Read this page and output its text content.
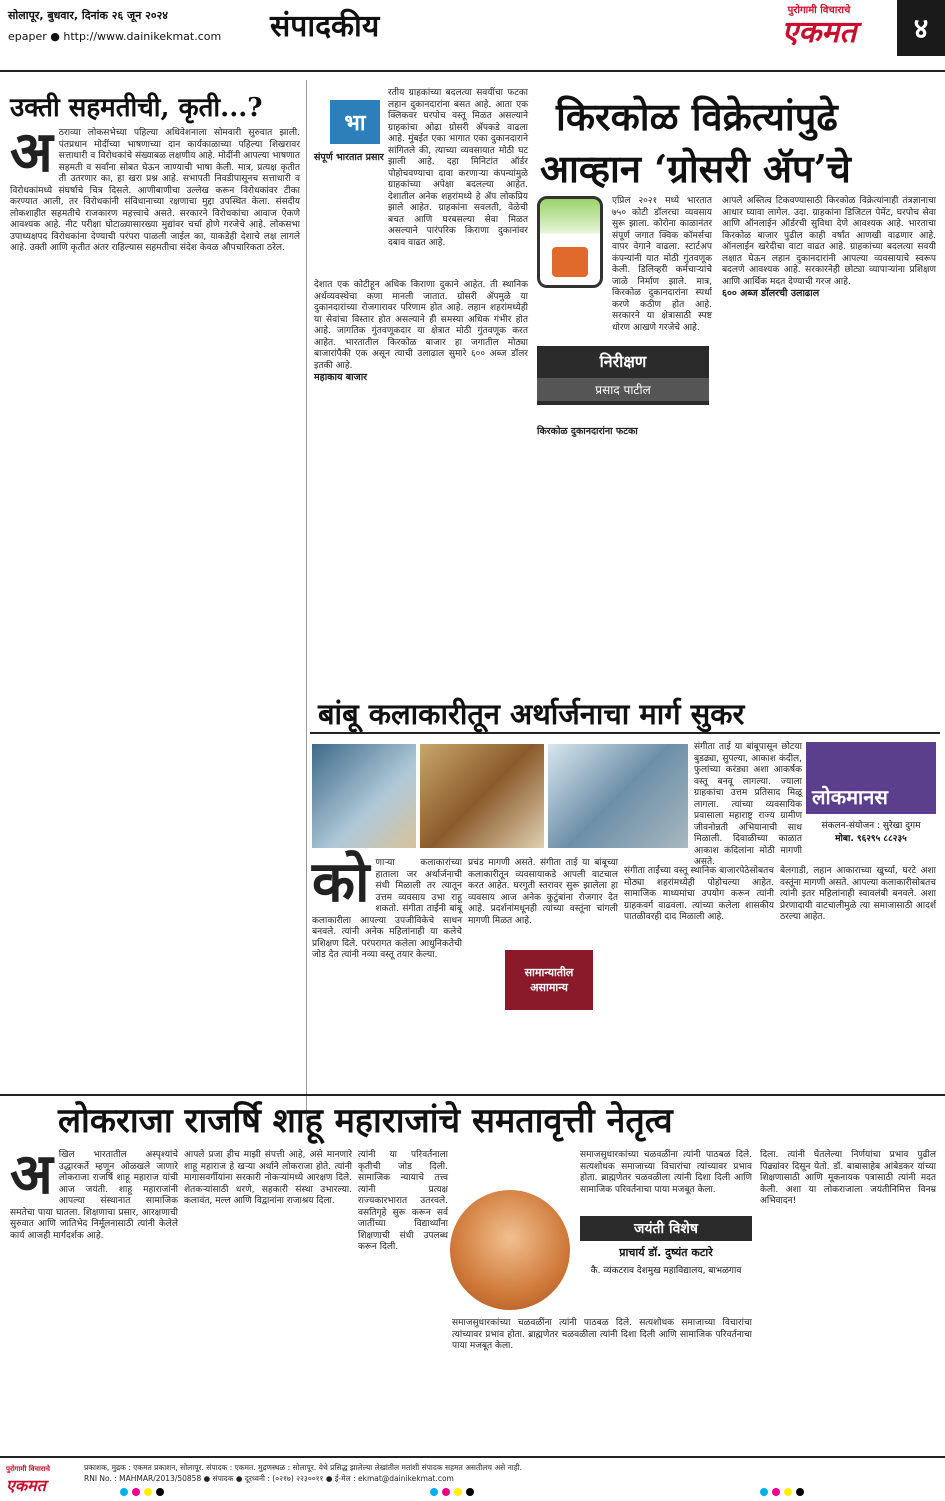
सोलापूर, बुधवार, दिनांक २६ जून २०२४
epaper ● http://www.dainikekmat.com संपादकीय	पुरोगामी विचाराचे
एकमत	४
उक्ती सहमतीची, कृती...?
अ ठराव्या लोकसभेच्या पहिल्या अधिवेशनाला सोमवारी सुरुवात झाली. पंतप्रधान मोदींच्या भाषणाच्या दान कार्यकाळाच्या पहिल्या शिखरावर सत्ताधारी व विरोधकांचे संख्याबळ लक्षणीय आहे. मोदींनी आपल्या भाषणात सहमती व सर्वांना सोबत घेऊन जाण्याची भाषा केली. मात्र, प्रत्यक्ष कृतीत ती उतरणार का, हा खरा प्रश्न आहे. सभापती निवडीपासूनच सत्ताधारी व विरोधकांमध्ये संघर्षाचे चित्र दिसले. आणीबाणीचा उल्लेख करून विरोधकांवर टीका करण्यात आली, तर विरोधकांनी संविधानाच्या रक्षणाचा मुद्दा उपस्थित केला. संसदीय लोकशाहीत सहमतीचे राजकारण महत्त्वाचे असते. सरकारने विरोधकांचा आवाज ऐकणे आवश्यक आहे. नीट परीक्षा घोटाळ्यासारख्या मुद्यांवर चर्चा होणे गरजेचे आहे. लोकसभा उपाध्यक्षपद विरोधकांना देण्याची परंपरा पाळली जाईल का, याकडेही देशाचे लक्ष लागले आहे. उक्ती आणि कृतीत अंतर राहिल्यास सहमतीचा संदेश केवळ औपचारिकता ठरेल.
भा
रतीय ग्राहकांच्या बदलत्या सवयींचा फटका लहान दुकानदारांना बसत आहे. आता एक क्लिकवर घरपोच वस्तू मिळत असल्याने ग्राहकांचा ओढा ग्रोसरी ॲपकडे वाढला आहे. मुंबईत एका भागात एका दुकानदाराने सांगितले की, त्याच्या व्यवसायात मोठी घट झाली आहे. दहा मिनिटांत ऑर्डर पोहोचवण्याचा दावा करणाऱ्या कंपन्यांमुळे ग्राहकांच्या अपेक्षा बदलल्या आहेत. देशातील अनेक शहरांमध्ये हे ॲप लोकप्रिय झाले आहेत. ग्राहकांना सवलती, वेळेची बचत आणि घरबसल्या सेवा मिळत असल्याने पारंपरिक किराणा दुकानांवर दबाव वाढत आहे.
संपूर्ण भारतात प्रसार
किरकोळ विक्रेत्यांपुढे
आव्हान ‘ग्रोसरी ॲप’चे
देशात एक कोटीहून अधिक किराणा दुकाने आहेत. ती स्थानिक अर्थव्यवस्थेचा कणा मानली जातात. ग्रोसरी ॲपमुळे या दुकानदारांच्या रोजगारावर परिणाम होत आहे. लहान शहरांमध्येही या सेवांचा विस्तार होत असल्याने ही समस्या अधिक गंभीर होत आहे. जागतिक गुंतवणूकदार या क्षेत्रात मोठी गुंतवणूक करत आहेत. भारतातील किरकोळ बाजार हा जगातील मोठ्या बाजारांपैकी एक असून त्याची उलाढाल सुमारे ६०० अब्ज डॉलर इतकी आहे.
महाकाय बाजार
एप्रिल २०२१ मध्ये भारतात ७५० कोटी डॉलरचा व्यवसाय सुरू झाला. कोरोना काळानंतर संपूर्ण जगात क्विक कॉमर्सचा वापर वेगाने वाढला. स्टार्टअप कंपन्यांनी यात मोठी गुंतवणूक केली. डिलिव्हरी कर्मचाऱ्यांचे जाळे निर्माण झाले. मात्र, किरकोळ दुकानदारांना स्पर्धा करणे कठीण होत आहे. सरकारने या क्षेत्रासाठी स्पष्ट धोरण आखणे गरजेचे आहे.
निरीक्षण
प्रसाद पाटील
किरकोळ दुकानदारांना फटका
आपले अस्तित्व टिकवण्यासाठी किरकोळ विक्रेत्यांनाही तंत्रज्ञानाचा आधार घ्यावा लागेल. उदा. ग्राहकांना डिजिटल पेमेंट, घरपोच सेवा आणि ऑनलाईन ऑर्डरची सुविधा देणे आवश्यक आहे. भारताचा किरकोळ बाजार पुढील काही वर्षांत आणखी वाढणार आहे. ऑनलाईन खरेदीचा वाटा वाढत आहे. ग्राहकांच्या बदलत्या सवयी लक्षात घेऊन लहान दुकानदारांनी आपल्या व्यवसायाचे स्वरूप बदलणे आवश्यक आहे. सरकारनेही छोट्या व्यापाऱ्यांना प्रशिक्षण आणि आर्थिक मदत देण्याची गरज आहे.
६०० अब्ज डॉलरची उलाढाल
बांबू कलाकारीतून अर्थार्जनाचा मार्ग सुकर
संगीता ताई या बांबूपासून छोटया बुडढ्या, सुपल्या, आकाश कंदील, फुलांच्या करंड्या अशा आकर्षक वस्तू बनवू लागल्या. ज्याला ग्राहकांचा उत्तम प्रतिसाद मिळू लागला. त्यांच्या व्यवसायिक प्रवासाला महाराष्ट्र राज्य ग्रामीण जीवनोन्नती अभियानाची साथ मिळाली. दिवाळीच्या काळात आकाश कंदिलांना मोठी मागणी असते.
लोकमानस
संकलन-संयोजन : सुरेखा दुगम
मोबा. ९६२९५ ८८२३५
को णाऱ्या कलाकारांच्या हाताला जर अर्थार्जनाची संधी मिळाली तर त्यातून उत्तम व्यवसाय उभा राहू शकतो. संगीता ताईंनी बांबू कलाकारीला आपल्या उपजीविकेचे साधन बनवले. त्यांनी अनेक महिलांनाही या कलेचे प्रशिक्षण दिले. परंपरागत कलेला आधुनिकतेची जोड देत त्यांनी नव्या वस्तू तयार केल्या.
प्रचंड मागणी असते. संगीता ताई या बांबूच्या कलाकारीतून व्यवसायाकडे आपली वाटचाल करत आहेत. घरगुती स्तरावर सुरू झालेला हा व्यवसाय आज अनेक कुटुंबांना रोजगार देत आहे. प्रदर्शनांमधूनही त्यांच्या वस्तूंना चांगली मागणी मिळत आहे.
सामान्यातील असामान्य
संगीता ताईंच्या वस्तू स्थानिक बाजारपेठेसोबतच मोठ्या शहरांमध्येही पोहोचल्या आहेत. सामाजिक माध्यमांचा उपयोग करून त्यांनी ग्राहकवर्ग वाढवला. त्यांच्या कलेला शासकीय पातळीवरही दाद मिळाली आहे.
बेलगाडी, लहान आकाराच्या खुर्च्या, घरटे अशा वस्तूंना मागणी असते. आपल्या कलाकारीसोबतच त्यांनी इतर महिलांनाही स्वावलंबी बनवले. अशा प्रेरणादायी वाटचालीमुळे त्या समाजासाठी आदर्श ठरल्या आहेत.
लोकराजा राजर्षि शाहू महाराजांचे समतावृत्ती नेतृत्व
अ खिल भारतातील अस्पृश्यांचे उद्धारकर्ते म्हणून ओळखले जाणारे लोकराजा राजर्षि शाहू महाराज यांची आज जयंती. शाहू महाराजांनी आपल्या संस्थानात सामाजिक समतेचा पाया घातला. शिक्षणाचा प्रसार, आरक्षणाची सुरुवात आणि जातिभेद निर्मूलनासाठी त्यांनी केलेले कार्य आजही मार्गदर्शक आहे.
आपले प्रजा हीच माझी संपत्ती आहे, असे मानणारे शाहू महाराज हे खऱ्या अर्थाने लोकराजा होते. त्यांनी मागासवर्गीयांना सरकारी नोकऱ्यांमध्ये आरक्षण दिले. शेतकऱ्यांसाठी धरणे, सहकारी संस्था उभारल्या. कलावंत, मल्ल आणि विद्वानांना राजाश्रय दिला.
त्यांनी या परिवर्तनाला कृतीची जोड दिली. सामाजिक न्यायाचे तत्त्व त्यांनी प्रत्यक्ष राज्यकारभारात उतरवले. वसतिगृहे सुरू करून सर्व जातींच्या विद्यार्थ्यांना शिक्षणाची संधी उपलब्ध करून दिली.
जयंती विशेष
प्राचार्य डॉ. दुष्यंत कटारे
कै. व्यंकटराव देशमुख महाविद्यालय, बाभळगाव
समाजसुधारकांच्या चळवळींना त्यांनी पाठबळ दिले. सत्यशोधक समाजाच्या विचारांचा त्यांच्यावर प्रभाव होता. ब्राह्मणेतर चळवळीला त्यांनी दिशा दिली आणि सामाजिक परिवर्तनाचा पाया मजबूत केला.
दिला. त्यांनी घेतलेल्या निर्णयांचा प्रभाव पुढील पिढ्यांवर दिसून येतो. डॉ. बाबासाहेब आंबेडकर यांच्या शिक्षणासाठी आणि मूकनायक पत्रासाठी त्यांनी मदत केली. अशा या लोकराजाला जयंतीनिमित्त विनम्र अभिवादन!
समाजसुधारकांच्या चळवळींना त्यांनी पाठबळ दिले. सत्यशोधक समाजाच्या विचारांचा त्यांच्यावर प्रभाव होता. ब्राह्मणेतर चळवळीला त्यांनी दिशा दिली आणि सामाजिक परिवर्तनाचा पाया मजबूत केला.
पुरोगामी विचाराचे
एकमत
प्रकाशक, मुद्रक : एकमत प्रकाशन, सोलापूर. संपादक : एकमत. मुद्रणस्थळ : सोलापूर. येथे प्रसिद्ध झालेल्या लेखांतील मतांशी संपादक सहमत असतीलच असे नाही.
RNI No. : MAHMAR/2013/50858 ● संपादक ● दूरध्वनी : (०२१७) २२३००११ ● ई-मेल : ekmat@dainikekmat.com
